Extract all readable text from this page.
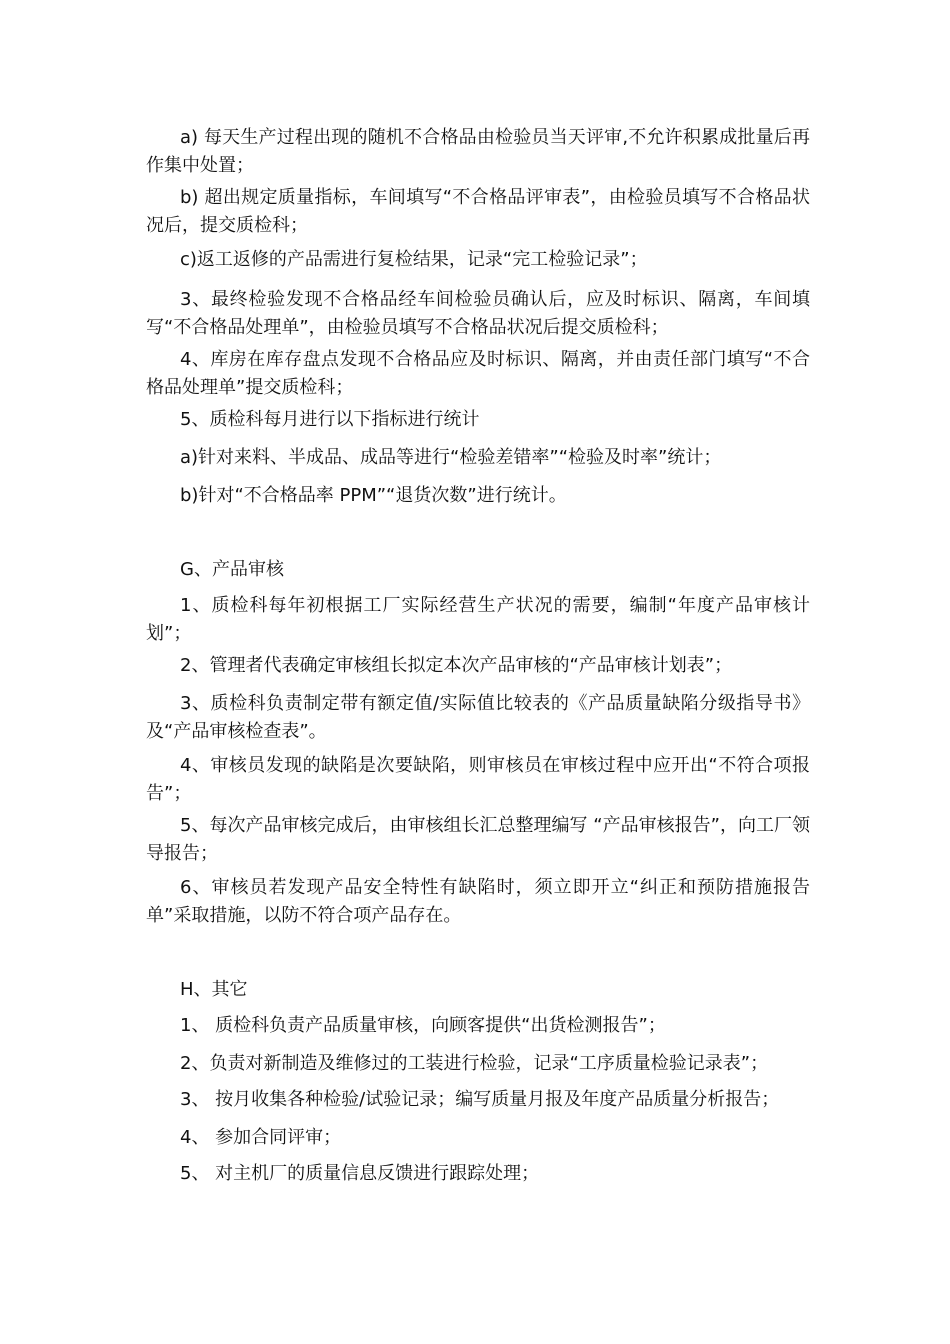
a) 每天生产过程出现的随机不合格品由检验员当天评审,不允许积累成批量后再作集中处置；

b) 超出规定质量指标，车间填写“不合格品评审表”，由检验员填写不合格品状况后，提交质检科；

c)返工返修的产品需进行复检结果，记录“完工检验记录”；

3、最终检验发现不合格品经车间检验员确认后，应及时标识、隔离，车间填写“不合格品处理单”，由检验员填写不合格品状况后提交质检科；

4、库房在库存盘点发现不合格品应及时标识、隔离，并由责任部门填写“不合格品处理单”提交质检科；

5、质检科每月进行以下指标进行统计

a)针对来料、半成品、成品等进行“检验差错率”“检验及时率”统计；

b)针对“不合格品率 PPM”“退货次数”进行统计。

G、产品审核

1、质检科每年初根据工厂实际经营生产状况的需要，编制“年度产品审核计划”；

2、管理者代表确定审核组长拟定本次产品审核的“产品审核计划表”；

3、质检科负责制定带有额定值/实际值比较表的《产品质量缺陷分级指导书》及“产品审核检查表”。

4、审核员发现的缺陷是次要缺陷，则审核员在审核过程中应开出“不符合项报告”；

5、每次产品审核完成后，由审核组长汇总整理编写 “产品审核报告”，向工厂领导报告；

6、审核员若发现产品安全特性有缺陷时，须立即开立“纠正和预防措施报告单”采取措施，以防不符合项产品存在。

H、其它

1、 质检科负责产品质量审核，向顾客提供“出货检测报告”；

2、负责对新制造及维修过的工装进行检验，记录“工序质量检验记录表”；

3、 按月收集各种检验/试验记录；编写质量月报及年度产品质量分析报告；

4、 参加合同评审；

5、 对主机厂的质量信息反馈进行跟踪处理；
